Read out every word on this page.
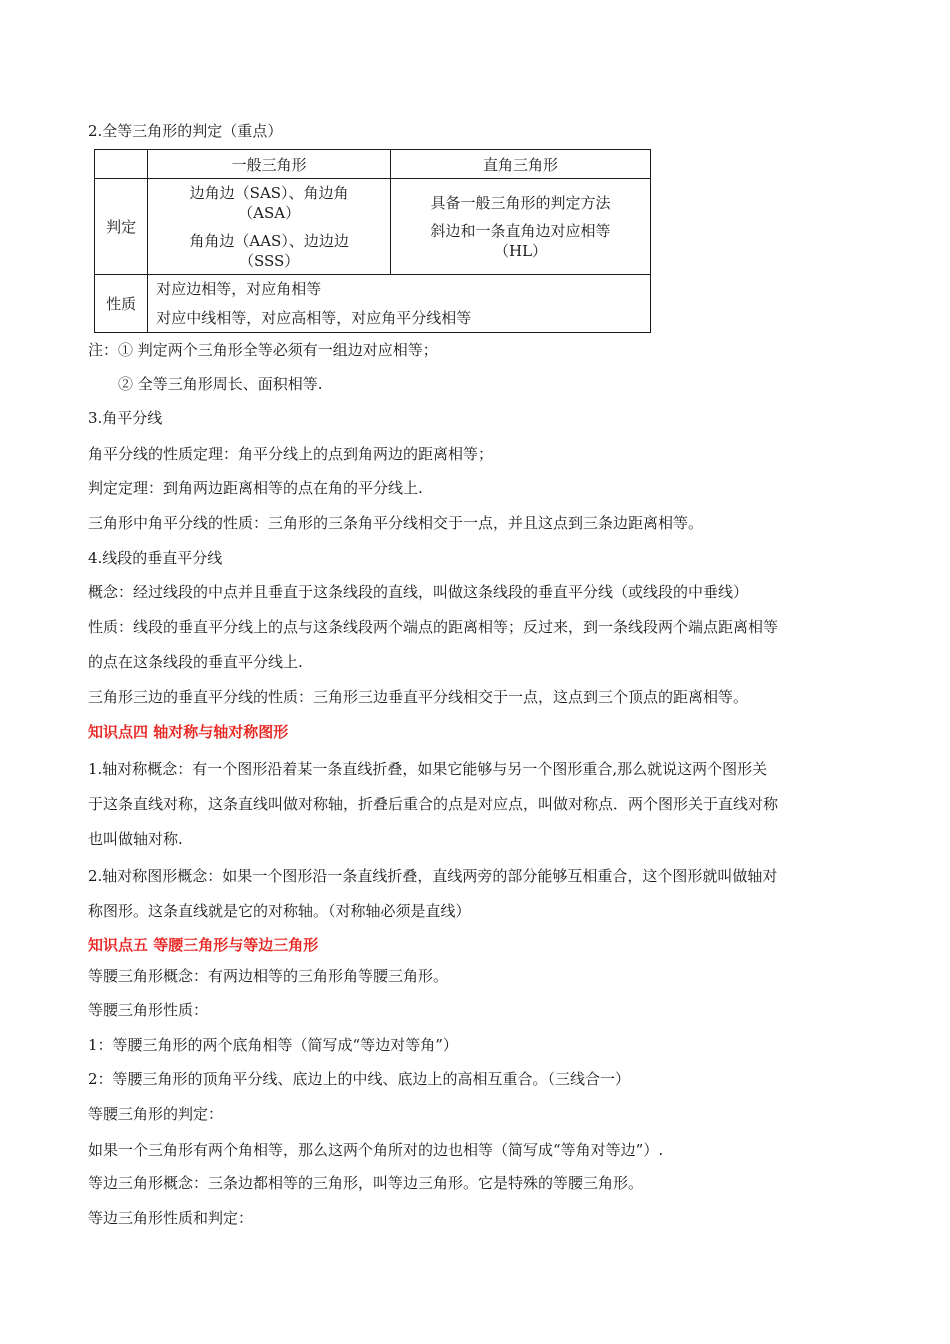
2.全等三角形的判定（重点）
	一般三角形	直角三角形
判定	边角边（SAS）、角边角
（ASA）
角角边（AAS）、边边边
（SSS）	具备一般三角形的判定方法
斜边和一条直角边对应相等
（HL）

性质	对应边相等，对应角相等
对应中线相等，对应高相等，对应角平分线相等	
注：① 判定两个三角形全等必须有一组边对应相等；
② 全等三角形周长、面积相等.
3.角平分线
角平分线的性质定理：角平分线上的点到角两边的距离相等；
判定定理：到角两边距离相等的点在角的平分线上.
三角形中角平分线的性质：三角形的三条角平分线相交于一点，并且这点到三条边距离相等。
4.线段的垂直平分线
概念：经过线段的中点并且垂直于这条线段的直线，叫做这条线段的垂直平分线（或线段的中垂线）
性质：线段的垂直平分线上的点与这条线段两个端点的距离相等；反过来，到一条线段两个端点距离相等
的点在这条线段的垂直平分线上.
三角形三边的垂直平分线的性质：三角形三边垂直平分线相交于一点，这点到三个顶点的距离相等。
知识点四 轴对称与轴对称图形
1.轴对称概念：有一个图形沿着某一条直线折叠，如果它能够与另一个图形重合,那么就说这两个图形关
于这条直线对称，这条直线叫做对称轴，折叠后重合的点是对应点，叫做对称点．两个图形关于直线对称
也叫做轴对称.
2.轴对称图形概念：如果一个图形沿一条直线折叠，直线两旁的部分能够互相重合，这个图形就叫做轴对
称图形。这条直线就是它的对称轴。（对称轴必须是直线）
知识点五 等腰三角形与等边三角形
等腰三角形概念：有两边相等的三角形角等腰三角形。
等腰三角形性质：
1：等腰三角形的两个底角相等（简写成“等边对等角”）
2：等腰三角形的顶角平分线、底边上的中线、底边上的高相互重合。（三线合一）
等腰三角形的判定：
如果一个三角形有两个角相等，那么这两个角所对的边也相等（简写成“等角对等边”）.
等边三角形概念：三条边都相等的三角形，叫等边三角形。它是特殊的等腰三角形。
等边三角形性质和判定：
